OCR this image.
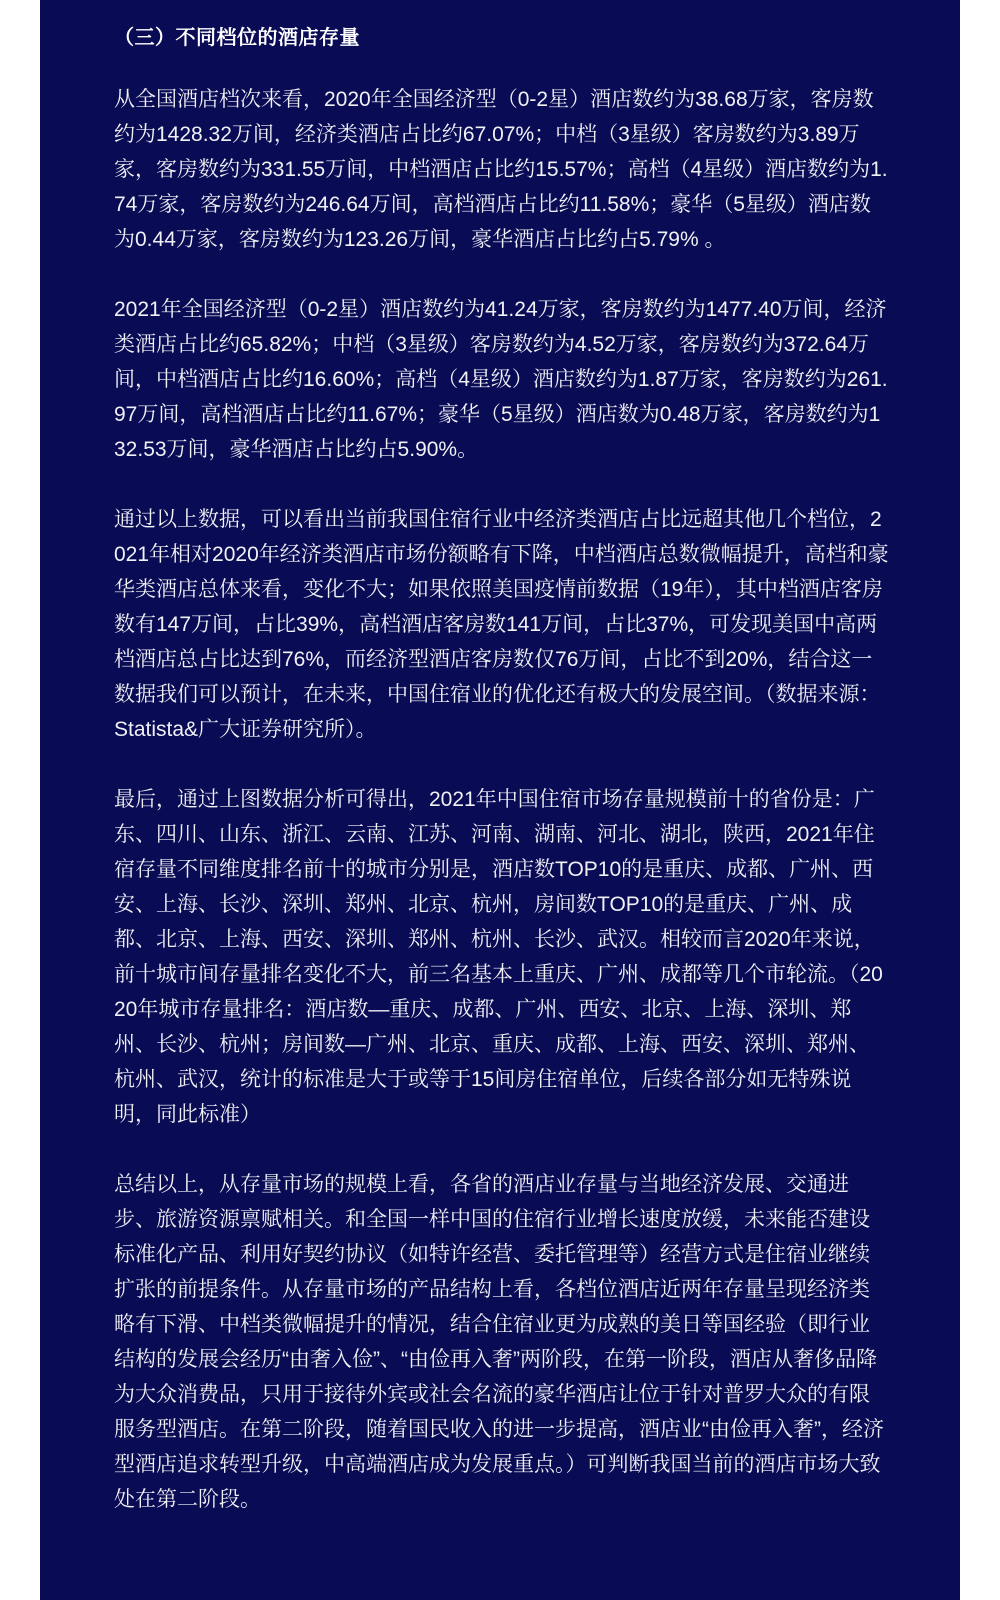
（三）不同档位的酒店存量

从全国酒店档次来看，2020年全国经济型（0-2星）酒店数约为38.68万家，客房数约为1428.32万间，经济类酒店占比约67.07%；中档（3星级）客房数约为3.89万家，客房数约为331.55万间，中档酒店占比约15.57%；高档（4星级）酒店数约为1.74万家，客房数约为246.64万间，高档酒店占比约11.58%；豪华（5星级）酒店数为0.44万家，客房数约为123.26万间，豪华酒店占比约占5.79% 。

2021年全国经济型（0-2星）酒店数约为41.24万家，客房数约为1477.40万间，经济类酒店占比约65.82%；中档（3星级）客房数约为4.52万家，客房数约为372.64万间，中档酒店占比约16.60%；高档（4星级）酒店数约为1.87万家，客房数约为261.97万间，高档酒店占比约11.67%；豪华（5星级）酒店数为0.48万家，客房数约为132.53万间，豪华酒店占比约占5.90%。

通过以上数据，可以看出当前我国住宿行业中经济类酒店占比远超其他几个档位，2021年相对2020年经济类酒店市场份额略有下降，中档酒店总数微幅提升，高档和豪华类酒店总体来看，变化不大；如果依照美国疫情前数据（19年），其中档酒店客房数有147万间，占比39%，高档酒店客房数141万间，占比37%，可发现美国中高两档酒店总占比达到76%，而经济型酒店客房数仅76万间，占比不到20%，结合这一数据我们可以预计，在未来，中国住宿业的优化还有极大的发展空间。（数据来源：Statista&广大证券研究所）。

最后，通过上图数据分析可得出，2021年中国住宿市场存量规模前十的省份是：广东、四川、山东、浙江、云南、江苏、河南、湖南、河北、湖北，陕西，2021年住宿存量不同维度排名前十的城市分别是，酒店数TOP10的是重庆、成都、广州、西安、上海、长沙、深圳、郑州、北京、杭州，房间数TOP10的是重庆、广州、成都、北京、上海、西安、深圳、郑州、杭州、长沙、武汉。相较而言2020年来说，前十城市间存量排名变化不大，前三名基本上重庆、广州、成都等几个市轮流。（2020年城市存量排名：酒店数—重庆、成都、广州、西安、北京、上海、深圳、郑州、长沙、杭州；房间数—广州、北京、重庆、成都、上海、西安、深圳、郑州、杭州、武汉，统计的标准是大于或等于15间房住宿单位，后续各部分如无特殊说明，同此标准）

总结以上，从存量市场的规模上看，各省的酒店业存量与当地经济发展、交通进步、旅游资源禀赋相关。和全国一样中国的住宿行业增长速度放缓，未来能否建设标准化产品、利用好契约协议（如特许经营、委托管理等）经营方式是住宿业继续扩张的前提条件。从存量市场的产品结构上看，各档位酒店近两年存量呈现经济类略有下滑、中档类微幅提升的情况，结合住宿业更为成熟的美日等国经验（即行业结构的发展会经历“由奢入俭”、“由俭再入奢”两阶段，在第一阶段，酒店从奢侈品降为大众消费品，只用于接待外宾或社会名流的豪华酒店让位于针对普罗大众的有限服务型酒店。在第二阶段，随着国民收入的进一步提高，酒店业“由俭再入奢”，经济型酒店追求转型升级，中高端酒店成为发展重点。）可判断我国当前的酒店市场大致处在第二阶段。
